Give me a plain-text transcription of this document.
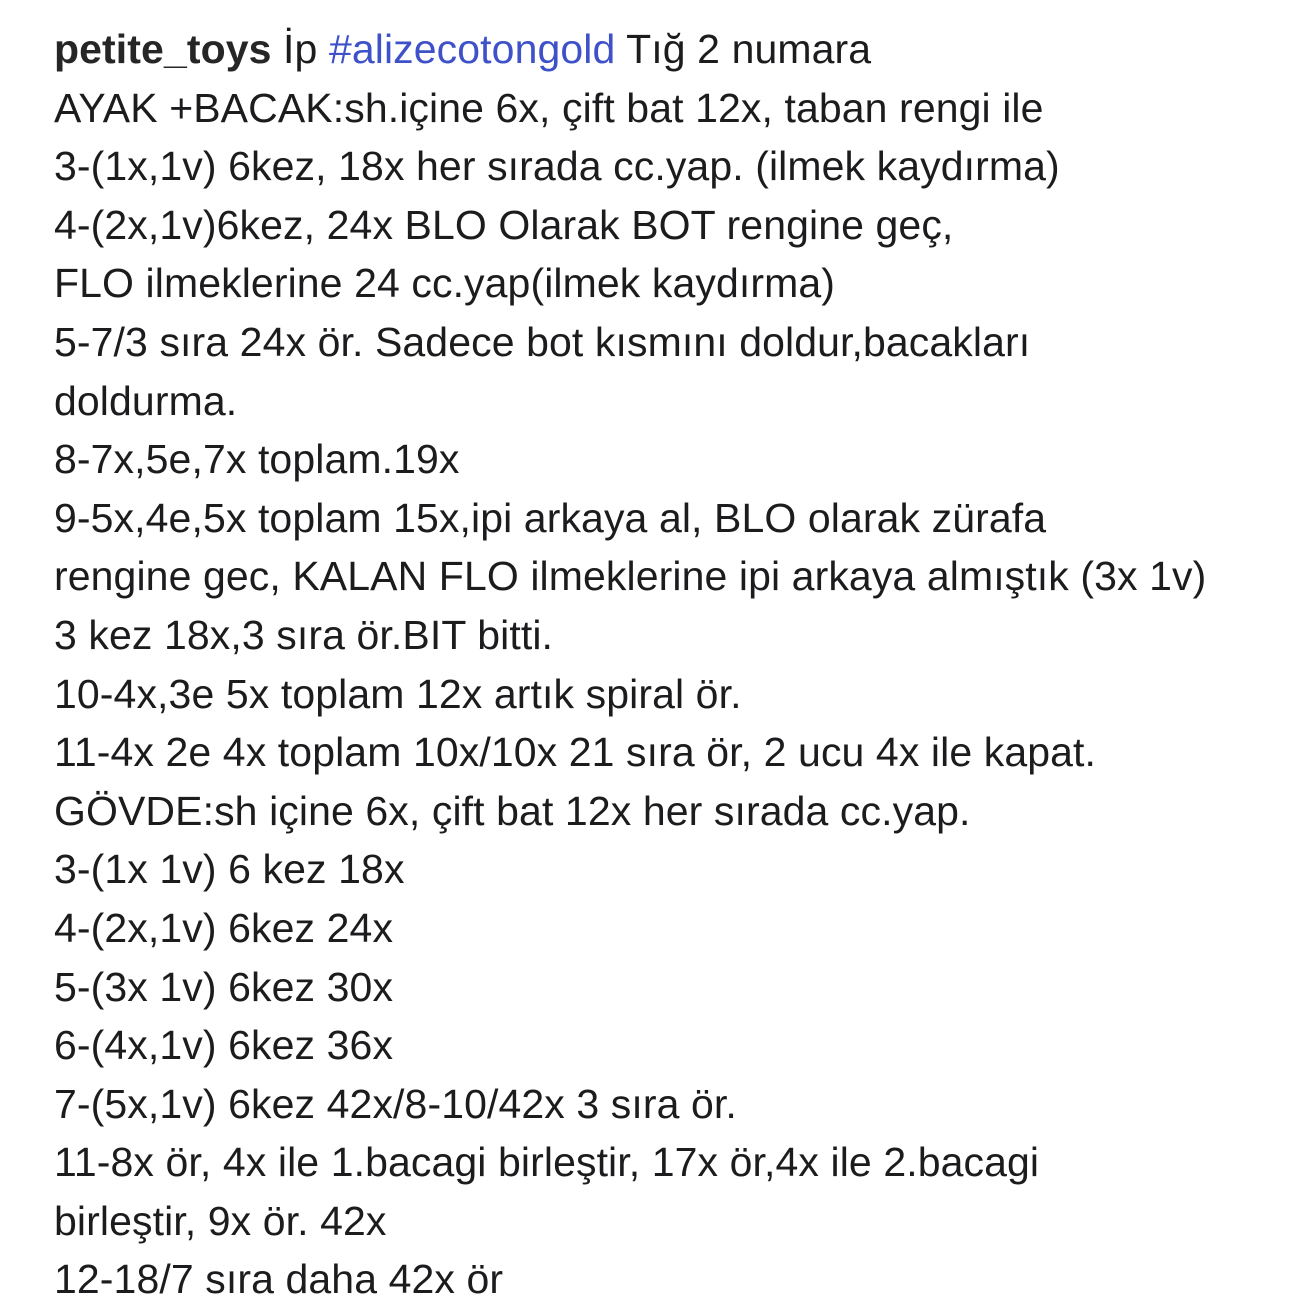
petite_toys İp #alizecotongold Tığ 2 numara
AYAK +BACAK:sh.içine 6x, çift bat 12x, taban rengi ile
3-(1x,1v) 6kez, 18x her sırada cc.yap. (ilmek kaydırma)
4-(2x,1v)6kez, 24x BLO Olarak BOT rengine geç,
FLO ilmeklerine 24 cc.yap(ilmek kaydırma)
5-7/3 sıra 24x ör. Sadece bot kısmını doldur,bacakları
doldurma.
8-7x,5e,7x toplam.19x
9-5x,4e,5x toplam 15x,ipi arkaya al, BLO olarak zürafa
rengine gec, KALAN FLO ilmeklerine ipi arkaya almıştık (3x 1v)
3 kez 18x,3 sıra ör.BIT bitti.
10-4x,3e 5x toplam 12x artık spiral ör.
11-4x 2e 4x toplam 10x/10x 21 sıra ör, 2 ucu 4x ile kapat.
GÖVDE:sh içine 6x, çift bat 12x her sırada cc.yap.
3-(1x 1v) 6 kez 18x
4-(2x,1v) 6kez 24x
5-(3x 1v) 6kez 30x
6-(4x,1v) 6kez 36x
7-(5x,1v) 6kez 42x/8-10/42x 3 sıra ör.
11-8x ör, 4x ile 1.bacagi birleştir, 17x ör,4x ile 2.bacagi
birleştir, 9x ör. 42x
12-18/7 sıra daha 42x ör
